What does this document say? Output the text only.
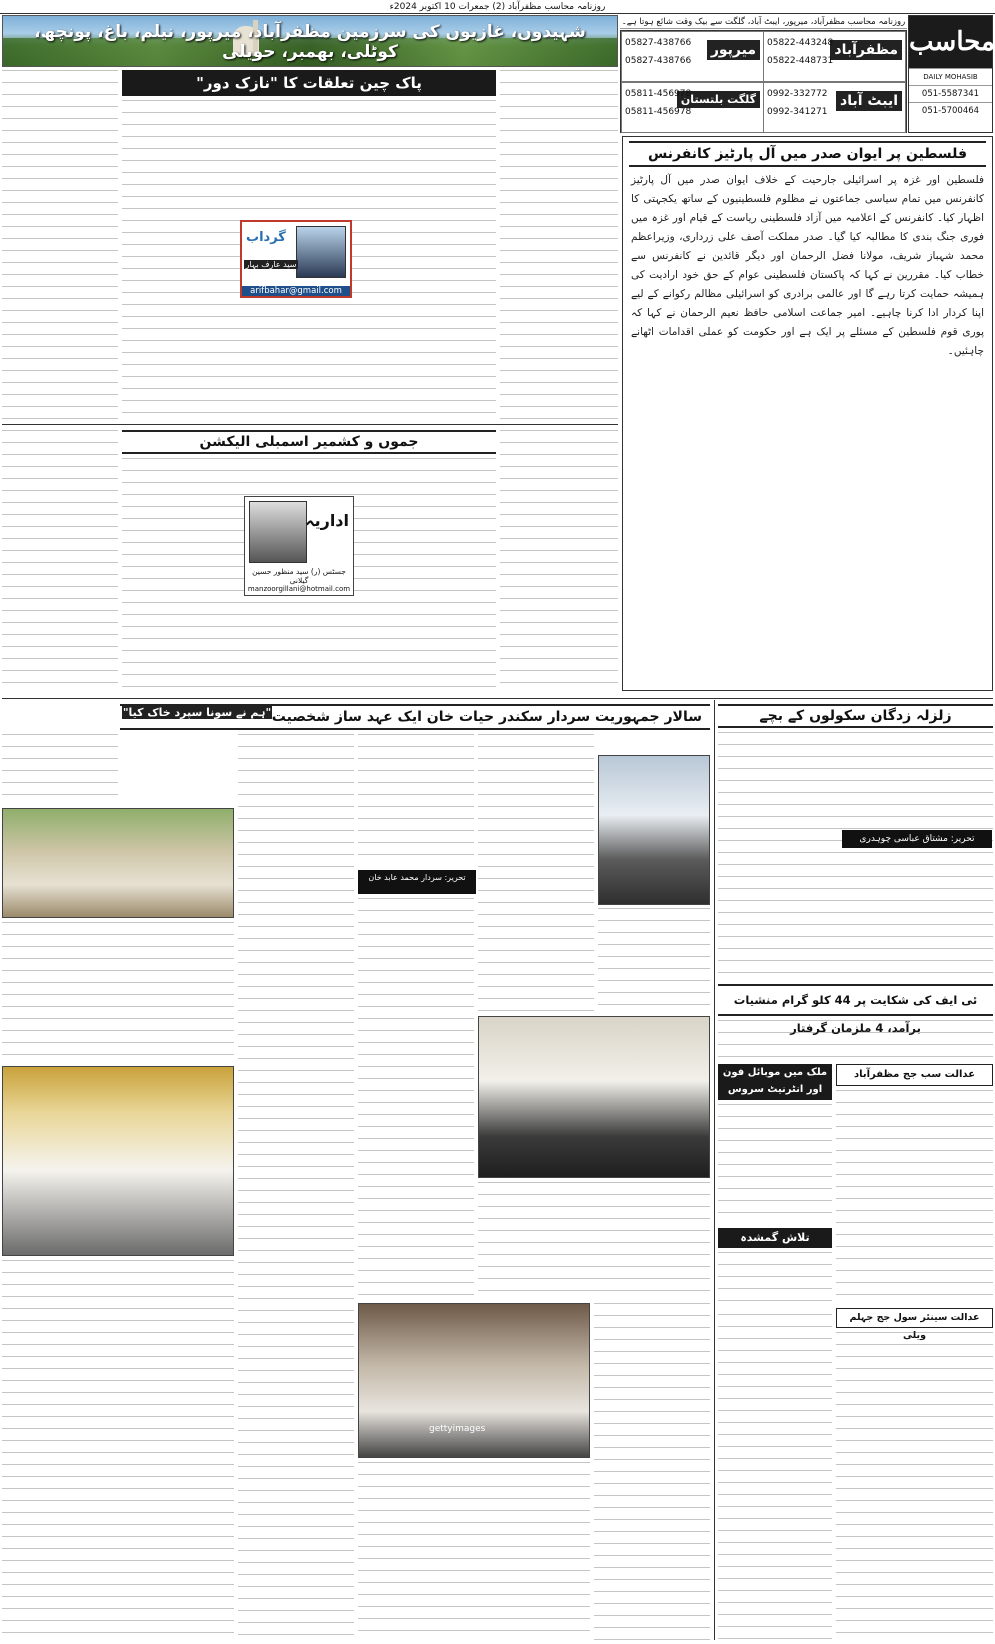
روزنامہ محاسب مظفرآباد (2) جمعرات 10 اکتوبر 2024ء
شہیدوں، غازیوں کی سرزمین مظفرآباد، میرپور، نیلم، باغ، پونچھ، کوٹلی، بھمبر، حویلی
روزنامہ محاسب مظفرآباد، میرپور، ایبٹ آباد، گلگت سے بیک وقت شائع ہوتا ہے۔
مظفرآباد
05822-443248
05822-448731
میرپور
05827-438766
05827-438766
ایبٹ آباد
0992-332772
0992-341271
گلگت بلتستان
05811-456978
05811-456978
محاسب
DAILY MOHASIB
051-5587341
051-5700464
فلسطین پر ایوان صدر میں آل پارٹیز کانفرنس
فلسطین اور غزہ پر اسرائیلی جارحیت کے خلاف ایوان صدر میں آل پارٹیز کانفرنس میں تمام سیاسی جماعتوں نے مظلوم فلسطینیوں کے ساتھ یکجہتی کا اظہار کیا۔ کانفرنس کے اعلامیہ میں آزاد فلسطینی ریاست کے قیام اور غزہ میں فوری جنگ بندی کا مطالبہ کیا گیا۔ صدر مملکت آصف علی زرداری، وزیراعظم محمد شہباز شریف، مولانا فضل الرحمان اور دیگر قائدین نے کانفرنس سے خطاب کیا۔ مقررین نے کہا کہ پاکستان فلسطینی عوام کے حق خود ارادیت کی ہمیشہ حمایت کرتا رہے گا اور عالمی برادری کو اسرائیلی مظالم رکوانے کے لیے اپنا کردار ادا کرنا چاہیے۔ امیر جماعت اسلامی حافظ نعیم الرحمان نے کہا کہ پوری قوم فلسطین کے مسئلے پر ایک ہے اور حکومت کو عملی اقدامات اٹھانے چاہئیں۔
پاک چین تعلقات کا "نازک دور"
گرداب
سید عارف بہار
arifbahar@gmail.com
جموں و کشمیر اسمبلی الیکشن
اداریہ
جسٹس (ر) سید منظور حسین گیلانی
manzoorgillani@hotmail.com
سالار جمہوریت سردار سکندر حیات خان ایک عہد ساز شخصیت
"ہم نے سونا سپرد خاک کیا"
gettyimages
تحریر: سردار محمد عابد خان
زلزلہ زدگان سکولوں کے بچے
تحریر: مشتاق عباسی چوہدری
ئی ایف کی شکایت پر 44 کلو گرام منشیات برآمد، 4 ملزمان گرفتار
ملک میں موبائل فون اور انٹرنیٹ سروس متاثر، صارفین کو مشکلات
تلاش گمشدہ
عدالت سب جج مظفرآباد
عدالت سینئر سول جج جہلم ویلی
